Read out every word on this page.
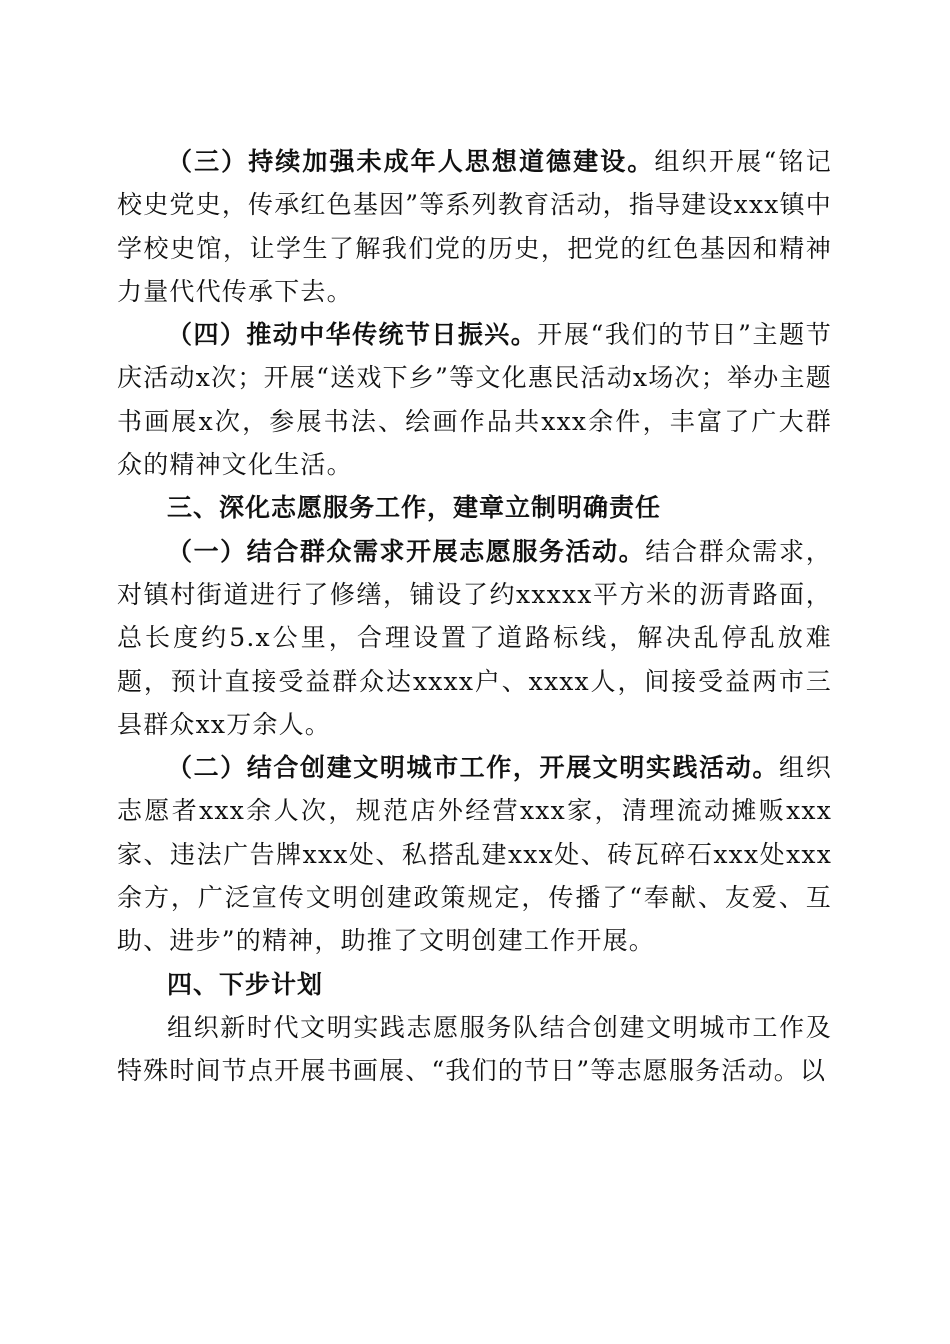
（三）持续加强未成年人思想道德建设。组织开展“铭记校史党史，传承红色基因”等系列教育活动，指导建设xxx镇中学校史馆，让学生了解我们党的历史，把党的红色基因和精神力量代代传承下去。

（四）推动中华传统节日振兴。开展“我们的节日”主题节庆活动x次；开展“送戏下乡”等文化惠民活动x场次；举办主题书画展x次，参展书法、绘画作品共xxx余件，丰富了广大群众的精神文化生活。

三、深化志愿服务工作，建章立制明确责任

（一）结合群众需求开展志愿服务活动。结合群众需求，对镇村街道进行了修缮，铺设了约xxxxx平方米的沥青路面，总长度约5.x公里，合理设置了道路标线，解决乱停乱放难题，预计直接受益群众达xxxx户、xxxx人，间接受益两市三县群众xx万余人。

（二）结合创建文明城市工作，开展文明实践活动。组织志愿者xxx余人次，规范店外经营xxx家，清理流动摊贩xxx家、违法广告牌xxx处、私搭乱建xxx处、砖瓦碎石xxx处xxx余方，广泛宣传文明创建政策规定，传播了“奉献、友爱、互助、进步”的精神，助推了文明创建工作开展。

四、下步计划

组织新时代文明实践志愿服务队结合创建文明城市工作及特殊时间节点开展书画展、“我们的节日”等志愿服务活动。以
